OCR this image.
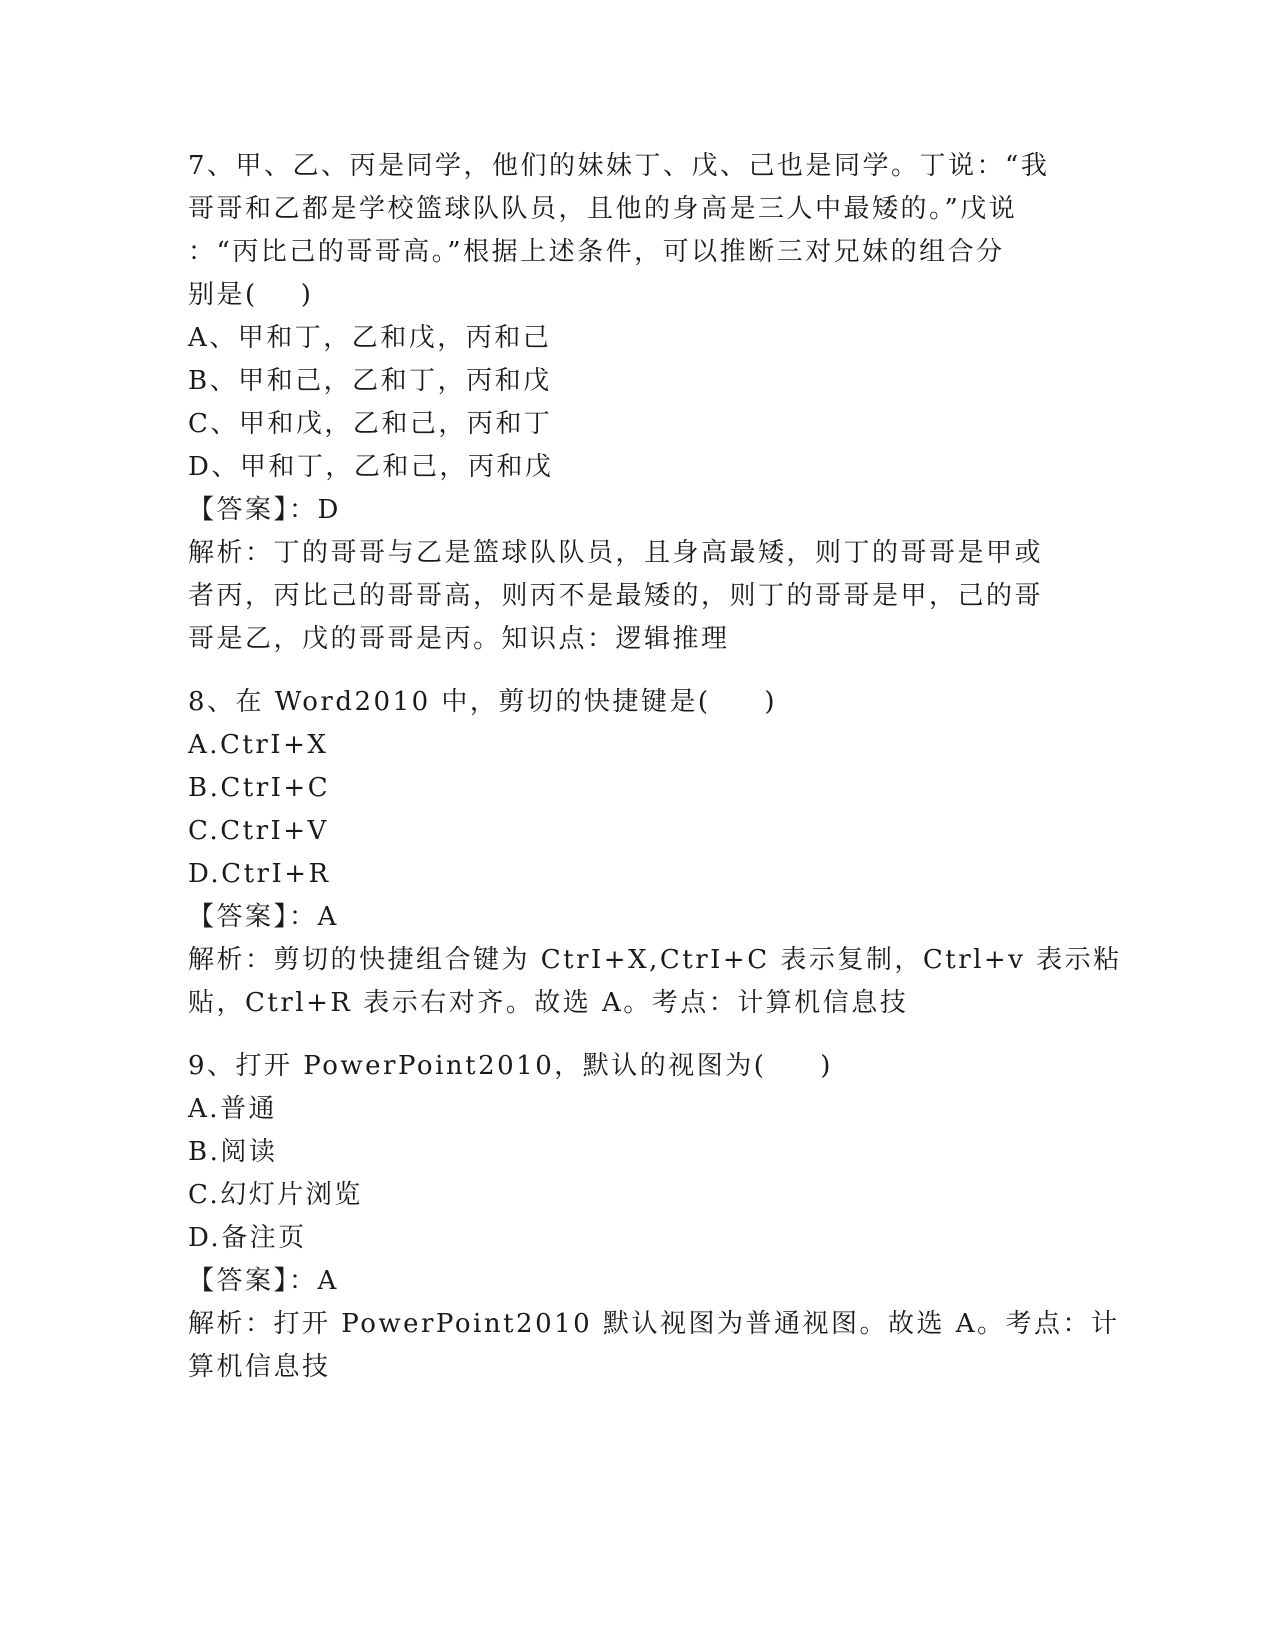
7、甲、乙、丙是同学，他们的妹妹丁、戊、己也是同学。丁说：“我
哥哥和乙都是学校篮球队队员，且他的身高是三人中最矮的。”戊说
：“丙比己的哥哥高。”根据上述条件，可以推断三对兄妹的组合分
别是(    )
A、甲和丁，乙和戊，丙和己
B、甲和己，乙和丁，丙和戊
C、甲和戊，乙和己，丙和丁
D、甲和丁，乙和己，丙和戊
【答案】：D
解析：丁的哥哥与乙是篮球队队员，且身高最矮，则丁的哥哥是甲或
者丙，丙比己的哥哥高，则丙不是最矮的，则丁的哥哥是甲，己的哥
哥是乙，戊的哥哥是丙。知识点：逻辑推理
8、在 Word2010 中，剪切的快捷键是(     )
A.CtrI+X
B.CtrI+C
C.CtrI+V
D.CtrI+R
【答案】：A
解析：剪切的快捷组合键为 CtrI+X,CtrI+C 表示复制，Ctrl+v 表示粘
贴，Ctrl+R 表示右对齐。故选 A。考点：计算机信息技
9、打开 PowerPoint2010，默认的视图为(     )
A.普通
B.阅读
C.幻灯片浏览
D.备注页
【答案】：A
解析：打开 PowerPoint2010 默认视图为普通视图。故选 A。考点：计
算机信息技
